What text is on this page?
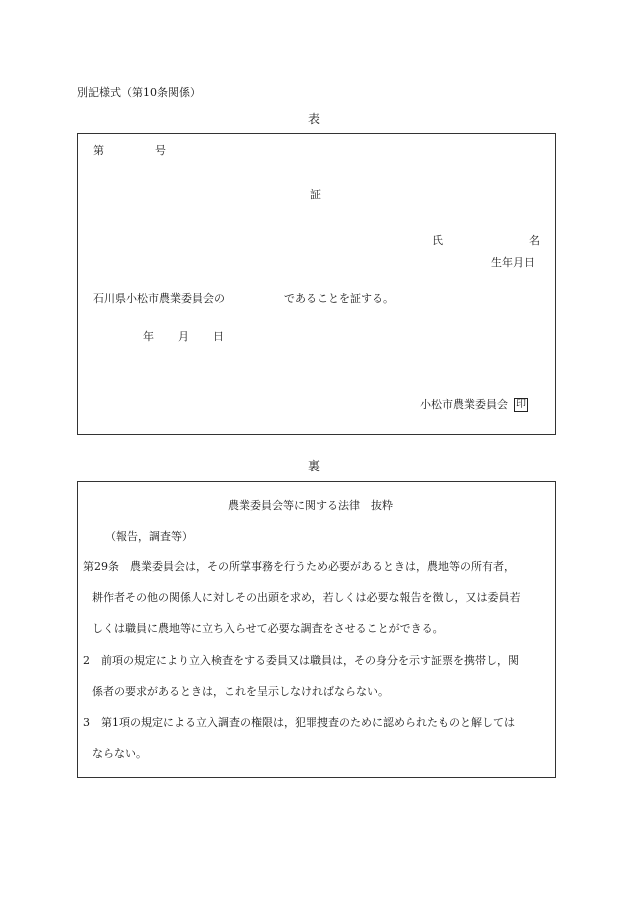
別記様式（第10条関係）
表
第	号
証
氏	名
生年月日
石川県小松市農業委員会の	であることを証する。
年 月 日
小松市農業委員会 印
裏
農業委員会等に関する法律　抜粋
（報告，調査等）
第29条　農業委員会は，その所掌事務を行うため必要があるときは，農地等の所有者，
耕作者その他の関係人に対しその出頭を求め，若しくは必要な報告を徴し，又は委員若
しくは職員に農地等に立ち入らせて必要な調査をさせることができる。
2　前項の規定により立入検査をする委員又は職員は，その身分を示す証票を携帯し，関
係者の要求があるときは，これを呈示しなければならない。
3　第1項の規定による立入調査の権限は，犯罪捜査のために認められたものと解しては
ならない。
